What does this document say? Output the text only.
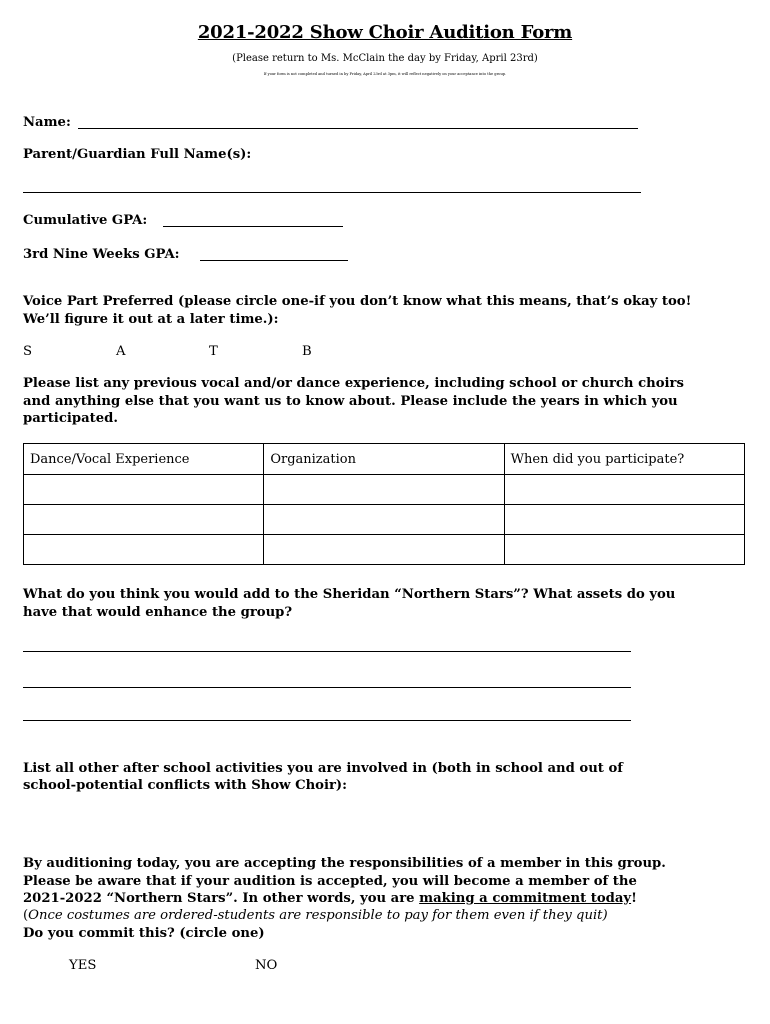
2021-2022 Show Choir Audition Form
(Please return to Ms. McClain the day by Friday, April 23rd)
If your form is not completed and turned in by Friday, April 23rd at 3pm, it will reflect negatively on your acceptance into the group.
Name:
Parent/Guardian Full Name(s):
Cumulative GPA:
3rd Nine Weeks GPA:
Voice Part Preferred (please circle one-if you don’t know what this means, that’s okay too!
We’ll figure it out at a later time.):
S	A	T	B
Please list any previous vocal and/or dance experience, including school or church choirs
and anything else that you want us to know about. Please include the years in which you
participated.
Dance/Vocal Experience	Organization	When did you participate?

What do you think you would add to the Sheridan “Northern Stars”? What assets do you
have that would enhance the group?
List all other after school activities you are involved in (both in school and out of
school-potential conflicts with Show Choir):
By auditioning today, you are accepting the responsibilities of a member in this group.
Please be aware that if your audition is accepted, you will become a member of the
2021-2022 “Northern Stars”. In other words, you are making a commitment today!
(Once costumes are ordered-students are responsible to pay for them even if they quit)
Do you commit this? (circle one)
YES	NO
